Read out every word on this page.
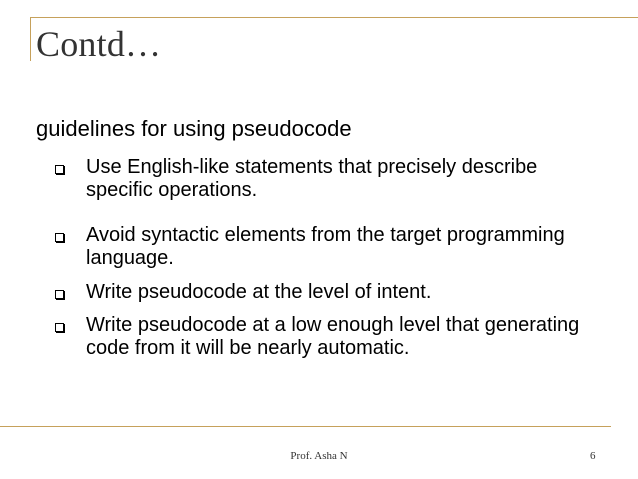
Contd…
guidelines for using pseudocode
Use English-like statements that precisely describe specific operations.
Avoid syntactic elements from the target programming language.
Write pseudocode at the level of intent.
Write pseudocode at a low enough level that generating code from it will be nearly automatic.
Prof. Asha N	6
